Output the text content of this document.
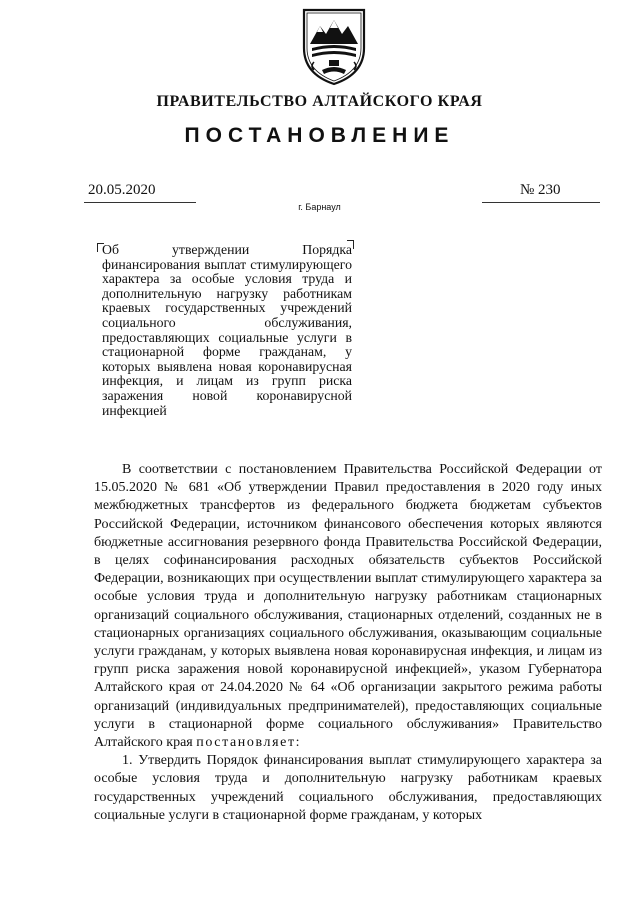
ПРАВИТЕЛЬСТВО АЛТАЙСКОГО КРАЯ
ПОСТАНОВЛЕНИЕ
20.05.2020	№ 230
г. Барнаул
Об утверждении Порядка финансирования выплат стимулирующего характера за особые условия труда и дополнительную нагрузку работникам краевых государственных учреждений социального обслуживания, предоставляющих социальные услуги в стационарной форме гражданам, у которых выявлена новая коронавирусная инфекция, и лицам из групп риска заражения новой коронавирусной инфекцией

В соответствии с постановлением Правительства Российской Федерации от 15.05.2020 № 681 «Об утверждении Правил предоставления в 2020 году иных межбюджетных трансфертов из федерального бюджета бюджетам субъектов Российской Федерации, источником финансового обеспечения которых являются бюджетные ассигнования резервного фонда Правительства Российской Федерации, в целях софинансирования расходных обязательств субъектов Российской Федерации, возникающих при осуществлении выплат стимулирующего характера за особые условия труда и дополнительную нагрузку работникам стационарных организаций социального обслуживания, стационарных отделений, созданных не в стационарных организациях социального обслуживания, оказывающим социальные услуги гражданам, у которых выявлена новая коронавирусная инфекция, и лицам из групп риска заражения новой коронавирусной инфекцией», указом Губернатора Алтайского края от 24.04.2020 № 64 «Об организации закрытого режима работы организаций (индивидуальных предпринимателей), предоставляющих социальные услуги в стационарной форме социального обслуживания» Правительство Алтайского края постановляет:

1. Утвердить Порядок финансирования выплат стимулирующего характера за особые условия труда и дополнительную нагрузку работникам краевых государственных учреждений социального обслуживания, предоставляющих социальные услуги в стационарной форме гражданам, у которых
